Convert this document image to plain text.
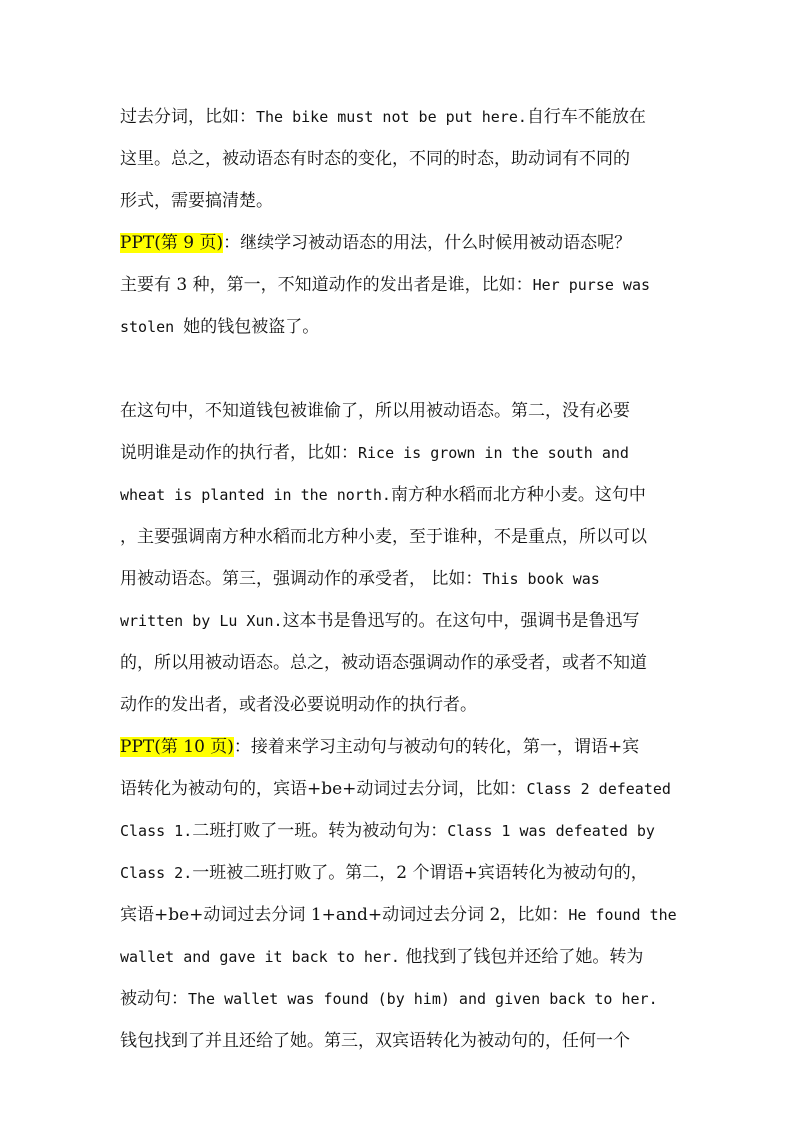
过去分词，比如：The bike must not be put here.自行车不能放在
这里。总之，被动语态有时态的变化，不同的时态，助动词有不同的
形式，需要搞清楚。
PPT(第 9 页)：继续学习被动语态的用法，什么时候用被动语态呢？
主要有 3 种，第一，不知道动作的发出者是谁，比如：Her purse was
stolen 她的钱包被盗了。
在这句中，不知道钱包被谁偷了，所以用被动语态。第二，没有必要
说明谁是动作的执行者，比如：Rice is grown in the south and
wheat is planted in the north.南方种水稻而北方种小麦。这句中
，主要强调南方种水稻而北方种小麦，至于谁种，不是重点，所以可以
用被动语态。第三，强调动作的承受者， 比如：This book was
written by Lu Xun.这本书是鲁迅写的。在这句中，强调书是鲁迅写
的，所以用被动语态。总之，被动语态强调动作的承受者，或者不知道
动作的发出者，或者没必要说明动作的执行者。
PPT(第 10 页)：接着来学习主动句与被动句的转化，第一，谓语+宾
语转化为被动句的，宾语+be+动词过去分词，比如：Class 2 defeated
Class 1.二班打败了一班。转为被动句为：Class 1 was defeated by
Class 2.一班被二班打败了。第二，2 个谓语+宾语转化为被动句的，
宾语+be+动词过去分词 1+and+动词过去分词 2，比如：He found the
wallet and gave it back to her. 他找到了钱包并还给了她。转为
被动句：The wallet was found (by him) and given back to her.
钱包找到了并且还给了她。第三，双宾语转化为被动句的，任何一个
